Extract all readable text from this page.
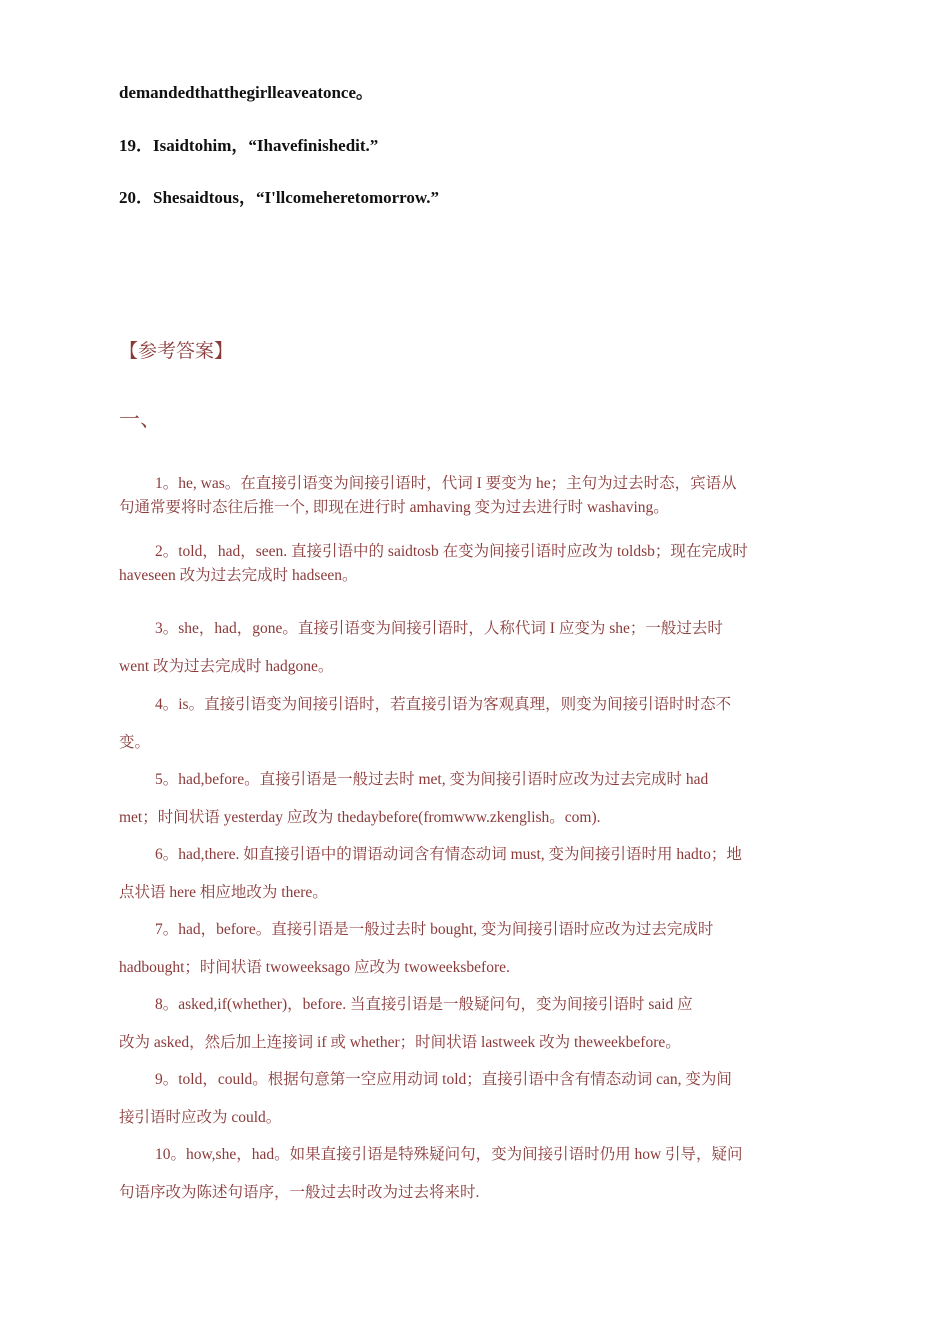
demandedthatthegirlleaveatonce。
19．Isaidtohim，“Ihavefinishedit.”
20．Shesaidtous，“I'llcomeheretomorrow.”
【参考答案】
一、
1。he, was。在直接引语变为间接引语时，代词 I 要变为 he；主句为过去时态，宾语从
句通常要将时态往后推一个, 即现在进行时 amhaving 变为过去进行时 washaving。
2。told，had，seen. 直接引语中的 saidtosb 在变为间接引语时应改为 toldsb；现在完成时
haveseen 改为过去完成时 hadseen。
3。she，had，gone。直接引语变为间接引语时，人称代词 I 应变为 she；一般过去时
went 改为过去完成时 hadgone。
4。is。直接引语变为间接引语时，若直接引语为客观真理，则变为间接引语时时态不
变。
5。had,before。直接引语是一般过去时 met, 变为间接引语时应改为过去完成时 had
met；时间状语 yesterday 应改为 thedaybefore(fromwww.zkenglish。com).
6。had,there. 如直接引语中的谓语动词含有情态动词 must, 变为间接引语时用 hadto；地
点状语 here 相应地改为 there。
7。had，before。直接引语是一般过去时 bought, 变为间接引语时应改为过去完成时
hadbought；时间状语 twoweeksago 应改为 twoweeksbefore.
8。asked,if(whether)，before. 当直接引语是一般疑问句，变为间接引语时 said 应
改为 asked，然后加上连接词 if 或 whether；时间状语 lastweek 改为 theweekbefore。
9。told，could。根据句意第一空应用动词 told；直接引语中含有情态动词 can, 变为间
接引语时应改为 could。
10。how,she，had。如果直接引语是特殊疑问句，变为间接引语时仍用 how 引导，疑问
句语序改为陈述句语序，一般过去时改为过去将来时.
